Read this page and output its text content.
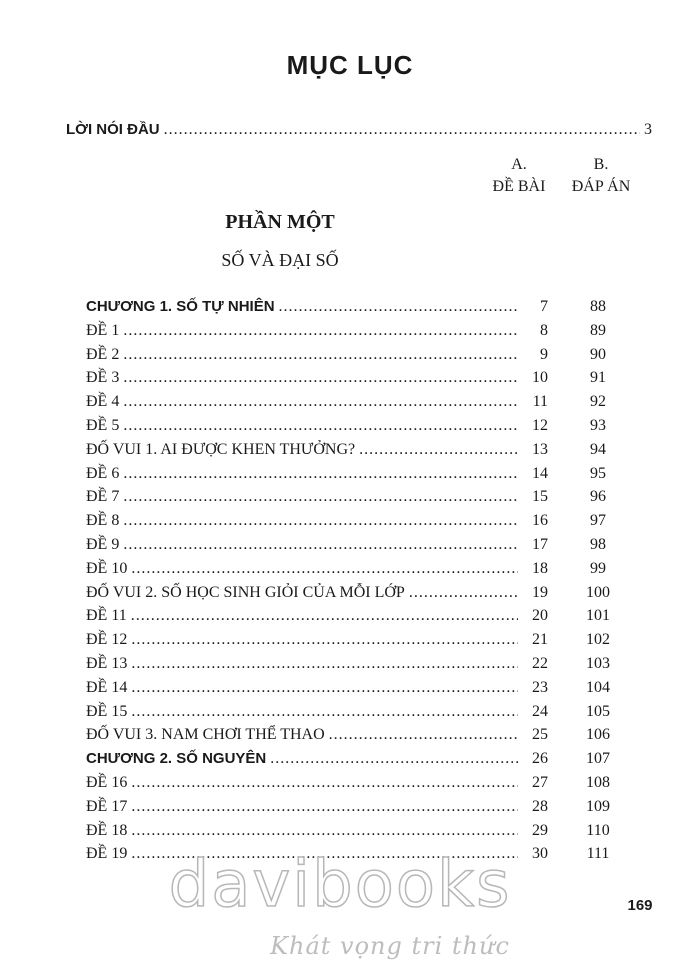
MỤC LỤC
LỜI NÓI ĐẦU .....	3
A.
ĐỀ BÀI
B.
ĐÁP ÁN
PHẦN MỘT
SỐ VÀ ĐẠI SỐ
CHƯƠNG 1. SỐ TỰ NHIÊN .....	7	88
ĐỀ 1 .....	8	89
ĐỀ 2 .....	9	90
ĐỀ 3 .....	10	91
ĐỀ 4 .....	11	92
ĐỀ 5 .....	12	93
ĐỐ VUI 1. AI ĐƯỢC KHEN THƯỞNG? .....	13	94
ĐỀ 6 .....	14	95
ĐỀ 7 .....	15	96
ĐỀ 8 .....	16	97
ĐỀ 9 .....	17	98
ĐỀ 10 .....	18	99
ĐỐ VUI 2. SỐ HỌC SINH GIỎI CỦA MỖI LỚP .....	19	100
ĐỀ 11 .....	20	101
ĐỀ 12 .....	21	102
ĐỀ 13 .....	22	103
ĐỀ 14 .....	23	104
ĐỀ 15 .....	24	105
ĐỐ VUI 3. NAM CHƠI THỂ THAO .....	25	106
CHƯƠNG 2. SỐ NGUYÊN .....	26	107
ĐỀ 16 .....	27	108
ĐỀ 17 .....	28	109
ĐỀ 18 .....	29	110
ĐỀ 19 .....	30	111
davibooks
Khát vọng tri thức
169
